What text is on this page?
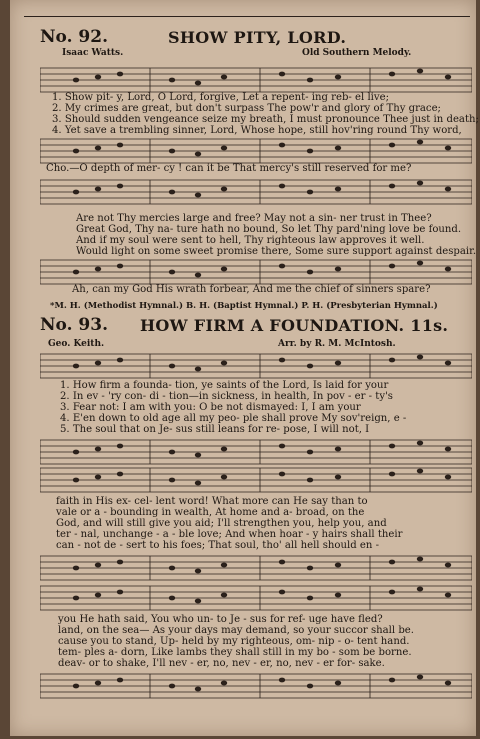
No. 92.	SHOW PITY, LORD.
Isaac Watts.	Old Southern Melody.
1. Show pit- y, Lord, O Lord, forgive, Let a repent- ing reb- el live;
2. My crimes are great, but don't surpass The pow'r and glory of Thy grace;
3. Should sudden vengeance seize my breath, I must pronounce Thee just in death;
4. Yet save a trembling sinner, Lord, Whose hope, still hov'ring round Thy word,
Cho.—O depth of mer- cy ! can it be That mercy's still reserved for me?
Are not Thy mercies large and free? May not a sin- ner trust in Thee?
Great God, Thy na- ture hath no bound, So let Thy pard'ning love be found.
And if my soul were sent to hell, Thy righteous law approves it well.
Would light on some sweet promise there, Some sure support against despair.
Ah, can my God His wrath forbear, And me the chief of sinners spare?
*M. H. (Methodist Hymnal.) B. H. (Baptist Hymnal.) P. H. (Presbyterian Hymnal.)
No. 93. HOW FIRM A FOUNDATION. 11s.
Geo. Keith.	Arr. by R. M. McIntosh.
1. How firm a founda- tion, ye saints of the Lord, Is laid for your
2. In ev - 'ry con- di - tion—in sickness, in health, In pov - er - ty's
3. Fear not: I am with you: O be not dismayed: I, I am your
4. E'en down to old age all my peo- ple shall prove My sov'reign, e -
5. The soul that on Je- sus still leans for re- pose, I will not, I
faith in His ex- cel- lent word! What more can He say than to
vale or a - bounding in wealth, At home and a- broad, on the
God, and will still give you aid; I'll strengthen you, help you, and
ter - nal, unchange - a - ble love; And when hoar - y hairs shall their
can - not de - sert to his foes; That soul, tho' all hell should en -
you He hath said, You who un- to Je - sus for ref- uge have fled?
land, on the sea— As your days may demand, so your succor shall be.
cause you to stand, Up- held by my righteous, om- nip - o- tent hand.
tem- ples a- dorn, Like lambs they shall still in my bo - som be borne.
deav- or to shake, I'll nev - er, no, nev - er, no, nev - er for- sake.
